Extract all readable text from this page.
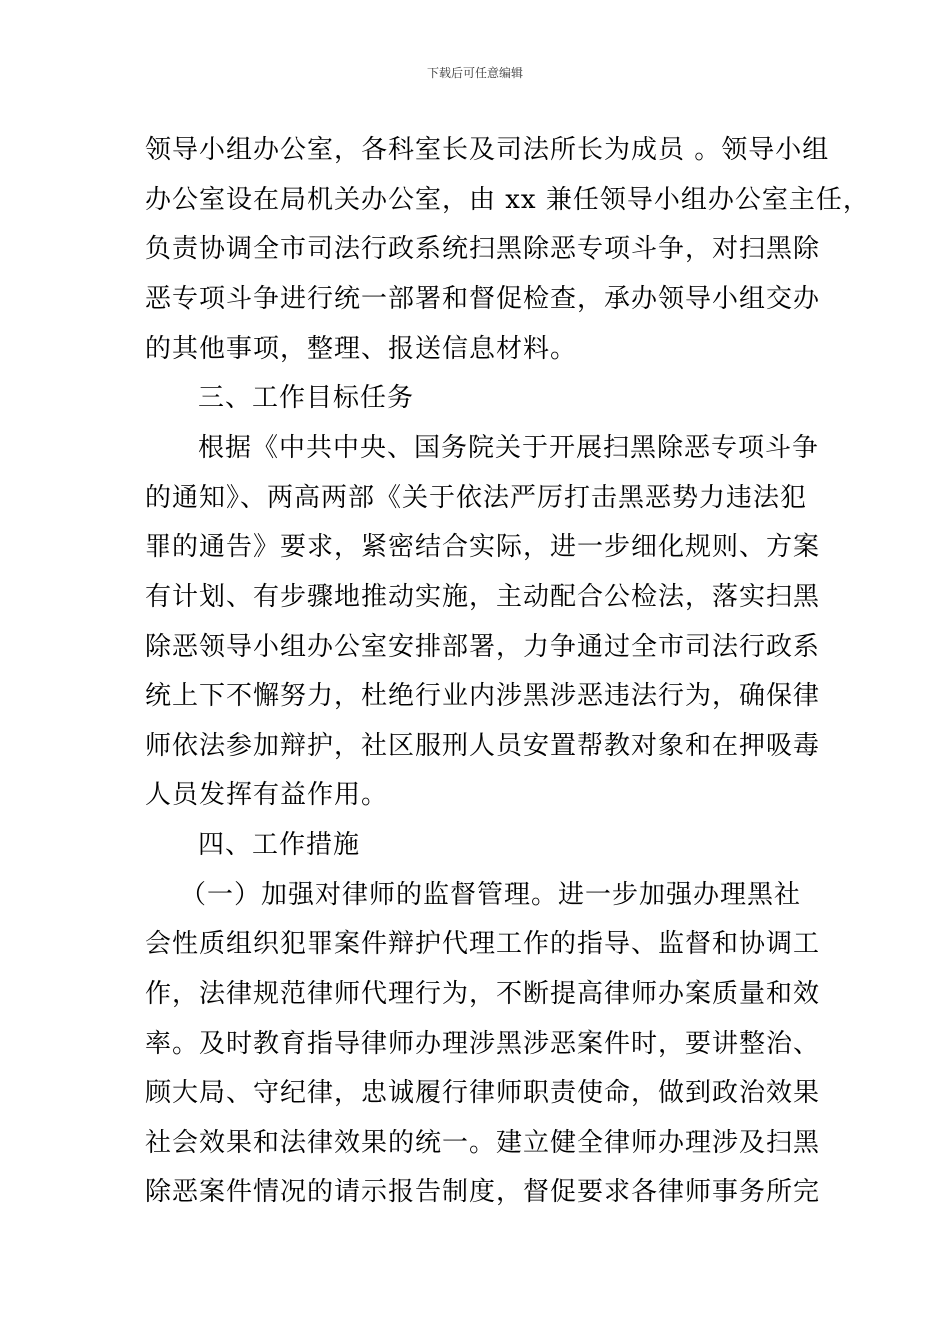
下载后可任意编辑
领导小组办公室，各科室长及司法所长为成员 。领导小组
办公室设在局机关办公室，由 xx 兼任领导小组办公室主任，
负责协调全市司法行政系统扫黑除恶专项斗争，对扫黑除
恶专项斗争进行统一部署和督促检查，承办领导小组交办
的其他事项，整理、报送信息材料。
三、工作目标任务
根据《中共中央、国务院关于开展扫黑除恶专项斗争
的通知》、两高两部《关于依法严厉打击黑恶势力违法犯
罪的通告》要求，紧密结合实际，进一步细化规则、方案
有计划、有步骤地推动实施，主动配合公检法，落实扫黑
除恶领导小组办公室安排部署，力争通过全市司法行政系
统上下不懈努力，杜绝行业内涉黑涉恶违法行为，确保律
师依法参加辩护，社区服刑人员安置帮教对象和在押吸毒
人员发挥有益作用。
四、工作措施
（一）加强对律师的监督管理。进一步加强办理黑社
会性质组织犯罪案件辩护代理工作的指导、监督和协调工
作，法律规范律师代理行为，不断提高律师办案质量和效
率。及时教育指导律师办理涉黑涉恶案件时，要讲整治、
顾大局、守纪律，忠诚履行律师职责使命，做到政治效果
社会效果和法律效果的统一。建立健全律师办理涉及扫黑
除恶案件情况的请示报告制度，督促要求各律师事务所完
